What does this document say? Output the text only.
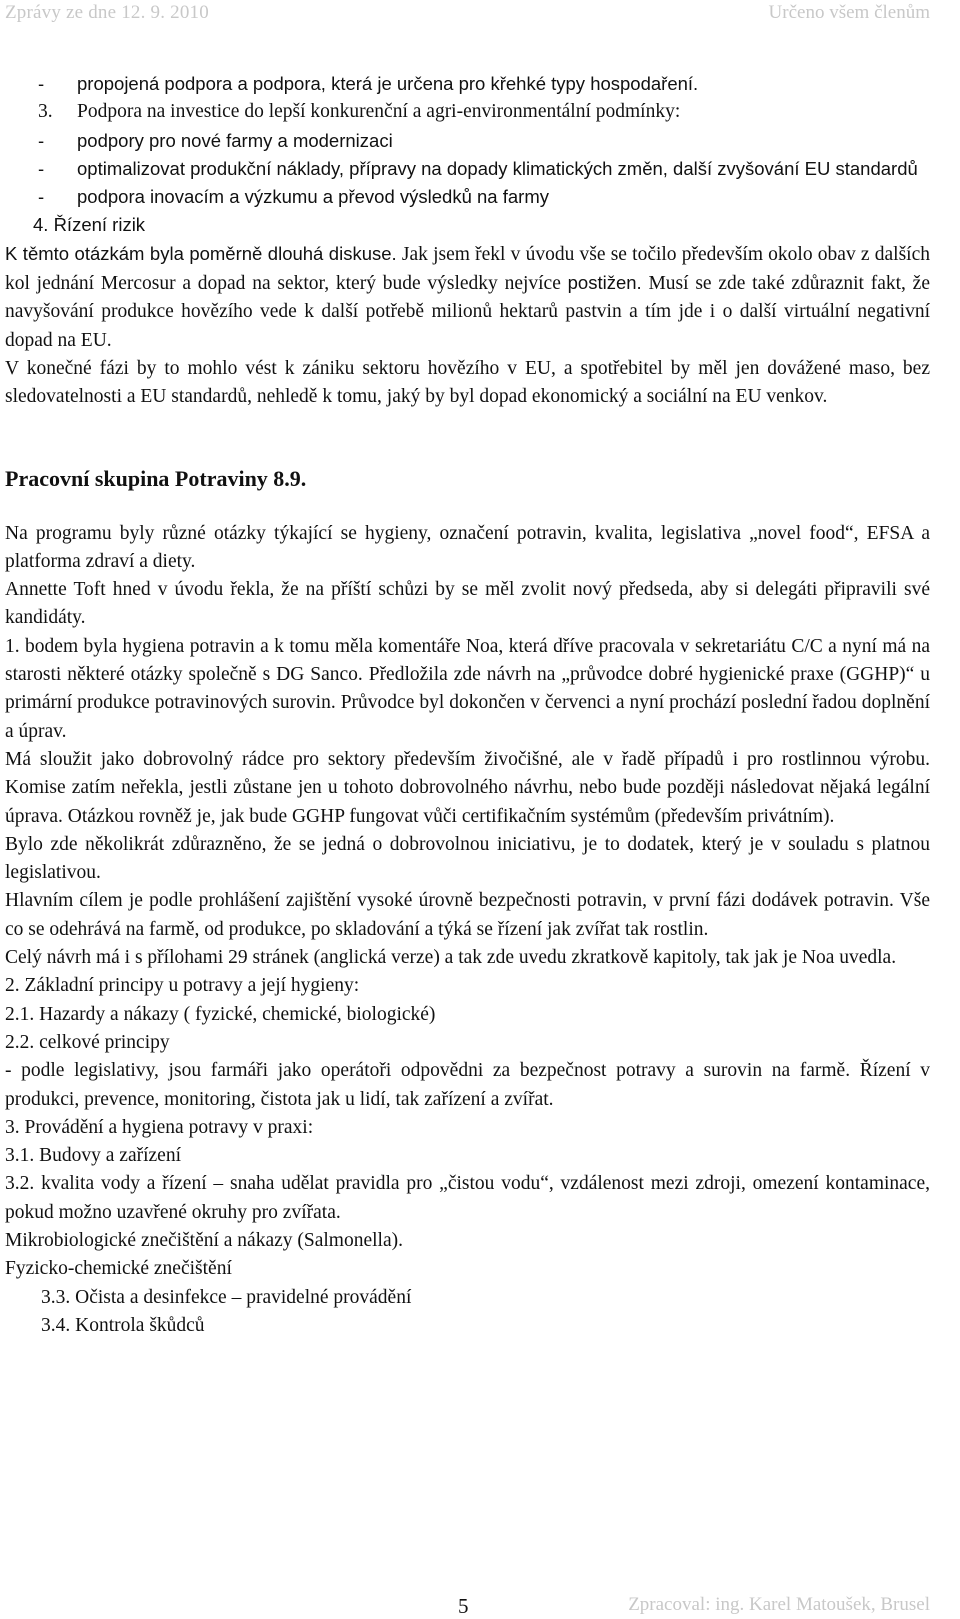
Zprávy ze dne 12. 9. 2010	Určeno všem členům

- propojená podpora a podpora, která je určena pro křehké typy hospodaření.

3. Podpora na investice do lepší konkurenční a agri-environmentální podmínky:

- podpory pro nové farmy a modernizaci

- optimalizovat produkční náklady, přípravy na dopady klimatických změn, další zvyšování EU standardů

- podpora inovacím a výzkumu a převod výsledků na farmy

4. Řízení rizik

K těmto otázkám byla poměrně dlouhá diskuse. Jak jsem řekl v úvodu vše se točilo především okolo obav z dalších kol jednání Mercosur a dopad na sektor, který bude výsledky nejvíce postižen. Musí se zde také zdůraznit fakt, že navyšování produkce hovězího vede k další potřebě milionů hektarů pastvin a tím jde i o další virtuální negativní dopad na EU.

V konečné fázi by to mohlo vést k zániku sektoru hovězího v EU, a spotřebitel by měl jen dovážené maso, bez sledovatelnosti a EU standardů, nehledě k tomu, jaký by byl dopad ekonomický a sociální na EU venkov.

Pracovní skupina Potraviny 8.9.

Na programu byly různé otázky týkající se hygieny, označení potravin, kvalita, legislativa „novel food“, EFSA a platforma zdraví a diety.

Annette Toft hned v úvodu řekla, že na příští schůzi by se měl zvolit nový předseda, aby si delegáti připravili své kandidáty.

1. bodem byla hygiena potravin a k tomu měla komentáře Noa, která dříve pracovala v sekretariátu C/C a nyní má na starosti některé otázky společně s DG Sanco. Předložila zde návrh na „průvodce dobré hygienické praxe (GGHP)“ u primární produkce potravinových surovin. Průvodce byl dokončen v červenci a nyní prochází poslední řadou doplnění a úprav.

Má sloužit jako dobrovolný rádce pro sektory především živočišné, ale v řadě případů i pro rostlinnou výrobu. Komise zatím neřekla, jestli zůstane jen u tohoto dobrovolného návrhu, nebo bude později následovat nějaká legální úprava. Otázkou rovněž je, jak bude GGHP fungovat vůči certifikačním systémům (především privátním).

Bylo zde několikrát zdůrazněno, že se jedná o dobrovolnou iniciativu, je to dodatek, který je v souladu s platnou legislativou.

Hlavním cílem je podle prohlášení zajištění vysoké úrovně bezpečnosti potravin, v první fázi dodávek potravin. Vše co se odehrává na farmě, od produkce, po skladování a týká se řízení jak zvířat tak rostlin.

Celý návrh má i s přílohami 29 stránek (anglická verze) a tak zde uvedu zkratkově kapitoly, tak jak je Noa uvedla.

2. Základní principy u potravy a její hygieny:

2.1. Hazardy a nákazy ( fyzické, chemické, biologické)

2.2. celkové principy

- podle legislativy, jsou farmáři jako operátoři odpovědni za bezpečnost potravy a surovin na farmě. Řízení v produkci, prevence, monitoring, čistota jak u lidí, tak zařízení a zvířat.

3. Provádění a hygiena potravy v praxi:

3.1. Budovy a zařízení

3.2. kvalita vody a řízení – snaha udělat pravidla pro „čistou vodu“, vzdálenost mezi zdroji, omezení kontaminace, pokud možno uzavřené okruhy pro zvířata.

Mikrobiologické znečištění a nákazy (Salmonella).

Fyzicko-chemické znečištění

3.3. Očista a desinfekce – pravidelné provádění

3.4. Kontrola škůdců

5	Zpracoval: ing. Karel Matoušek, Brusel
